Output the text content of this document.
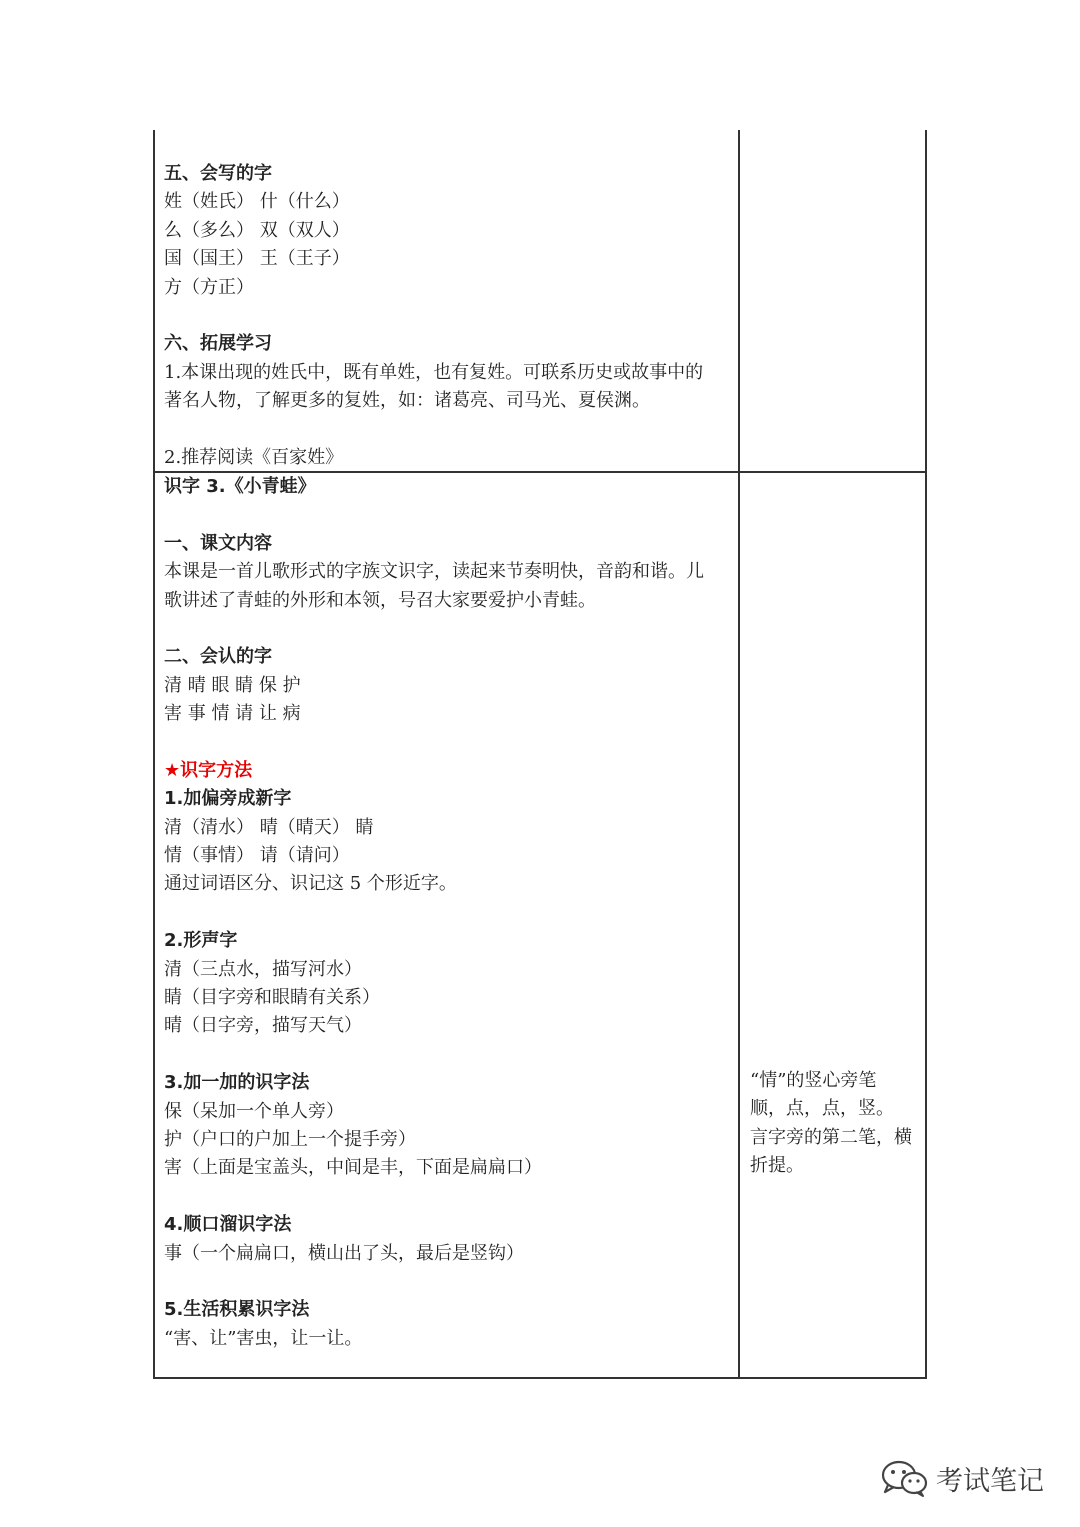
五、会写的字

姓（姓氏） 什（什么）

么（多么） 双（双人）

国（国王） 王（王子）

方（方正）

六、拓展学习

1.本课出现的姓氏中，既有单姓，也有复姓。可联系历史或故事中的

著名人物，了解更多的复姓，如：诸葛亮、司马光、夏侯渊。

2.推荐阅读《百家姓》

识字 3.《小青蛙》

一、课文内容

本课是一首儿歌形式的字族文识字，读起来节奏明快，音韵和谐。儿

歌讲述了青蛙的外形和本领，号召大家要爱护小青蛙。

二、会认的字

清 晴 眼 睛 保 护

害 事 情 请 让 病

★识字方法

1.加偏旁成新字

清（清水） 晴（晴天） 睛

情（事情） 请（请问）

通过词语区分、识记这 5 个形近字。

2.形声字

清（三点水，描写河水）

睛（目字旁和眼睛有关系）

晴（日字旁，描写天气）

3.加一加的识字法

保（呆加一个单人旁）

护（户口的户加上一个提手旁）

害（上面是宝盖头，中间是丰，下面是扁扁口）

4.顺口溜识字法

事（一个扁扁口，横山出了头，最后是竖钩）

5.生活积累识字法

“害、让”害虫，让一让。

“情”的竖心旁笔

顺，点，点，竖。

言字旁的第二笔，横

折提。

考试笔记
